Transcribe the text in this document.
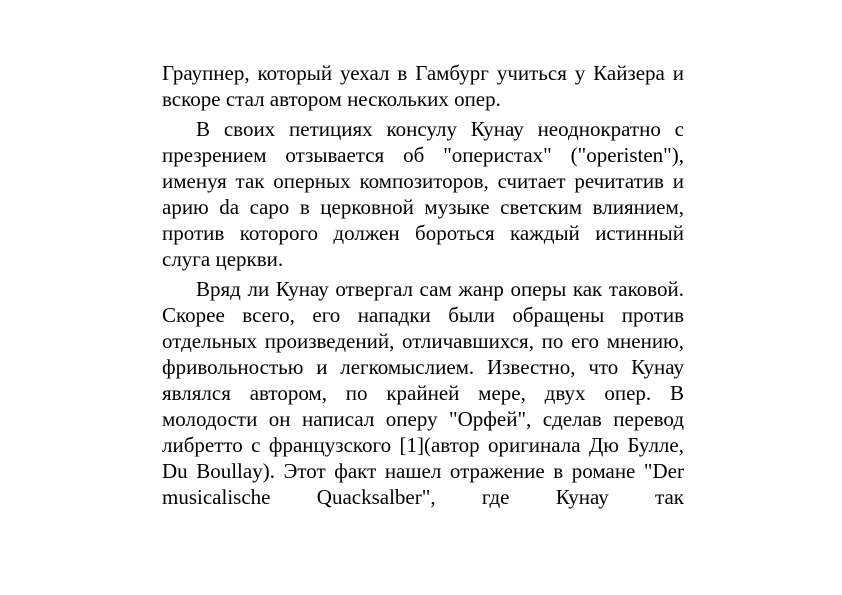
Граупнер, который уехал в Гамбург учиться у Кайзера и вскоре стал автором нескольких опер.

В своих петициях консулу Кунау неоднократно с презрением отзывается об "оперистах" ("operisten"), именуя так оперных композиторов, считает речитатив и арию da capo в церковной музыке светским влиянием, против которого должен бороться каждый истинный слуга церкви.

Вряд ли Кунау отвергал сам жанр оперы как таковой. Скорее всего, его нападки были обращены против отдельных произведений, отличавшихся, по его мнению, фривольностью и легкомыслием. Известно, что Кунау являлся автором, по крайней мере, двух опер. В молодости он написал оперу "Орфей", сделав перевод либретто с французского [1](автор оригинала Дю Булле, Du Boullay). Этот факт нашел отражение в романе "Der musicalische Quacksalber", где Кунау так
